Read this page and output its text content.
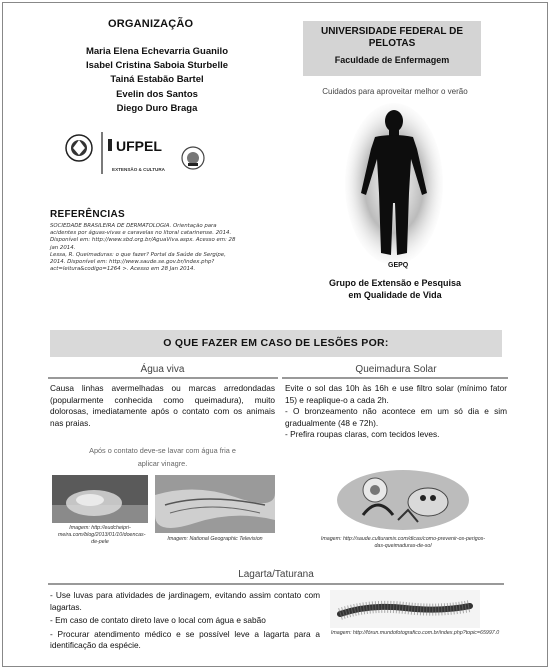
ORGANIZAÇÃO
Maria Elena Echevarria Guanilo
Isabel Cristina Saboia Sturbelle
Tainá Estabão Bartel
Evelin dos Santos
Diego Duro Braga
UFPEL
EXTENSÃO & CULTURA
REFERÊNCIAS
SOCIEDADE BRASILEIRA DE DERMATOLOGIA. Orientação para acidentes por águas-vivas e caravelas no litoral catarinense. 2014. Disponível em: http://www.sbd.org.br/AguaViva.aspx. Acesso em: 28 jan 2014.
Lessa, R. Queimaduras: o que fazer? Portal da Saúde de Sergipe, 2014. Disponível em: http://www.saude.se.gov.br/index.php?act=leitura&codigo=1264 >. Acesso em 28 Jan 2014.
UNIVERSIDADE FEDERAL DE
PELOTAS
Faculdade de Enfermagem
Cuidados para aproveitar melhor o verão
GEPQ
Grupo de Extensão e Pesquisa
em Qualidade de Vida
O QUE FAZER EM CASO DE LESÕES POR:
Água viva
Causa linhas avermelhadas ou marcas arredondadas (popularmente conhecida como queimadura), muito dolorosas, imediatamente após o contato com os animais nas praias.
Após o contato deve-se lavar com água fria e
aplicar vinagre.
Imagem: http://eudcheipri-meira.com/blog/2013/01/10/doencas-de-pele	Imagem: National Geographic Television
Queimadura Solar

Evite o sol das 10h às 16h e use filtro solar (mínimo fator 15) e reaplique-o a cada 2h.

- O bronzeamento não acontece em um só dia e sim gradualmente (48 e 72h).

- Prefira roupas claras, com tecidos leves.

Imagem: http://saude.culturamix.com/dicas/como-prevenir-os-perigos-das-queimaduras-de-sol
Lagarta/Taturana

- Use luvas para atividades de jardinagem, evitando assim contato com lagartas.

- Em caso de contato direto lave o local com água e sabão

- Procurar atendimento médico e se possível leve a lagarta para a identificação da espécie.

Imagem: http://fórun.mundofotografico.com.br/index.php?topic=65997.0
